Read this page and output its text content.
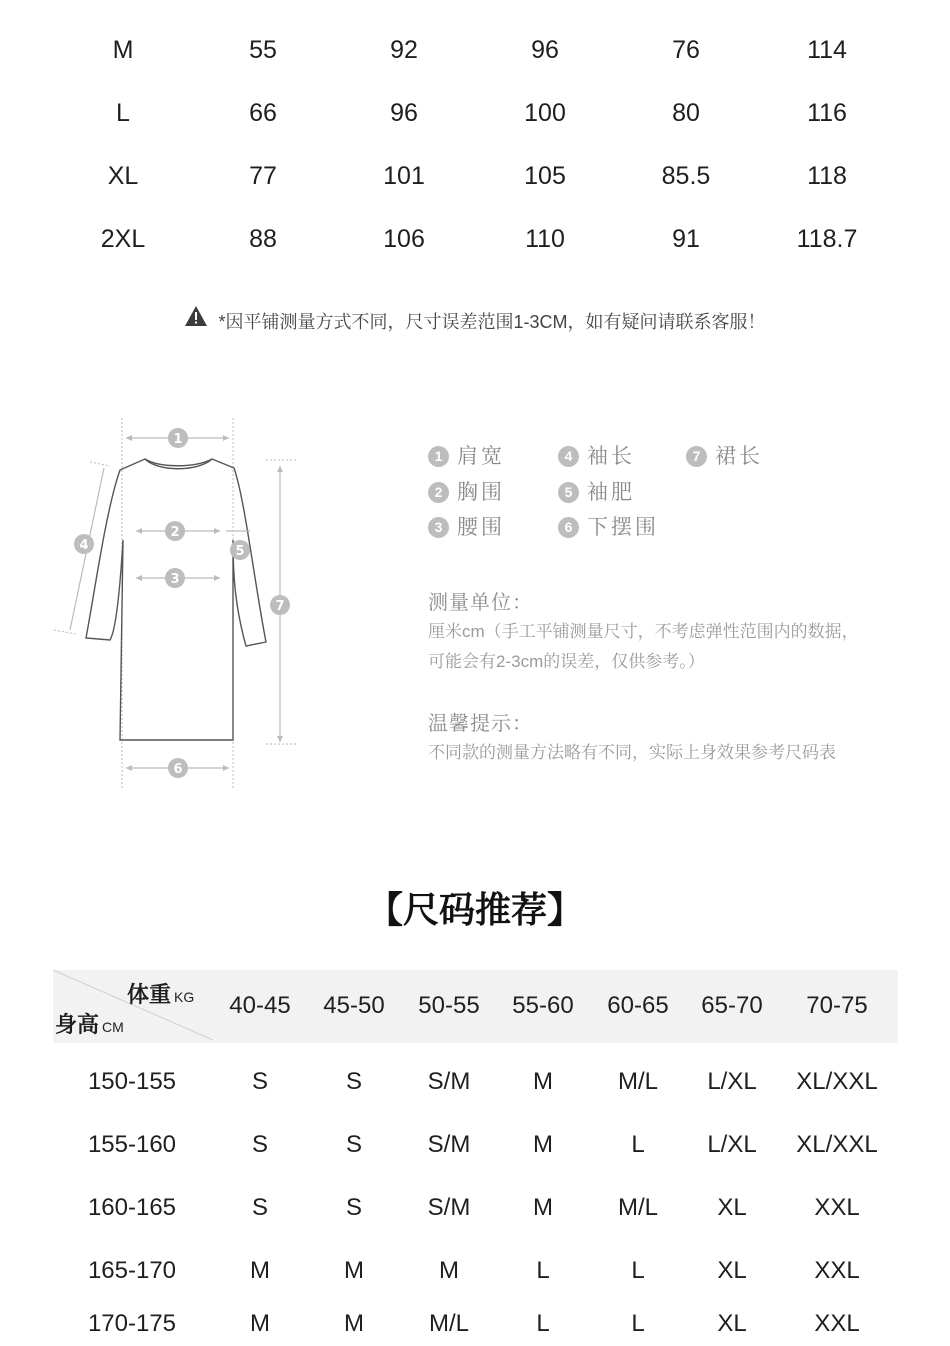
M	55	92	96	76	114
L	66	96	100	80	116
XL	77	101	105	85.5	118
2XL	88	106	110	91	118.7
*因平铺测量方式不同，尺寸误差范围1-3CM，如有疑问请联系客服！
1
2
3
4	5
6
7
1 肩宽	4 袖长	7 裙长
2 胸围	5 袖肥
3 腰围	6 下摆围
测量单位：
厘米cm（手工平铺测量尺寸，不考虑弹性范围内的数据，
可能会有2-3cm的误差，仅供参考。）
温馨提示：
不同款的测量方法略有不同，实际上身效果参考尺码表
【尺码推荐】
体重 KG
身高 CM
40-45	45-50	50-55	55-60	60-65	65-70	70-75
150-155	S	S	S/M	M	M/L	L/XL	XL/XXL
155-160	S	S	S/M	M	L	L/XL	XL/XXL
160-165	S	S	S/M	M	M/L	XL	XXL
165-170	M	M	M	L	L	XL	XXL
170-175	M	M	M/L	L	L	XL	XXL
